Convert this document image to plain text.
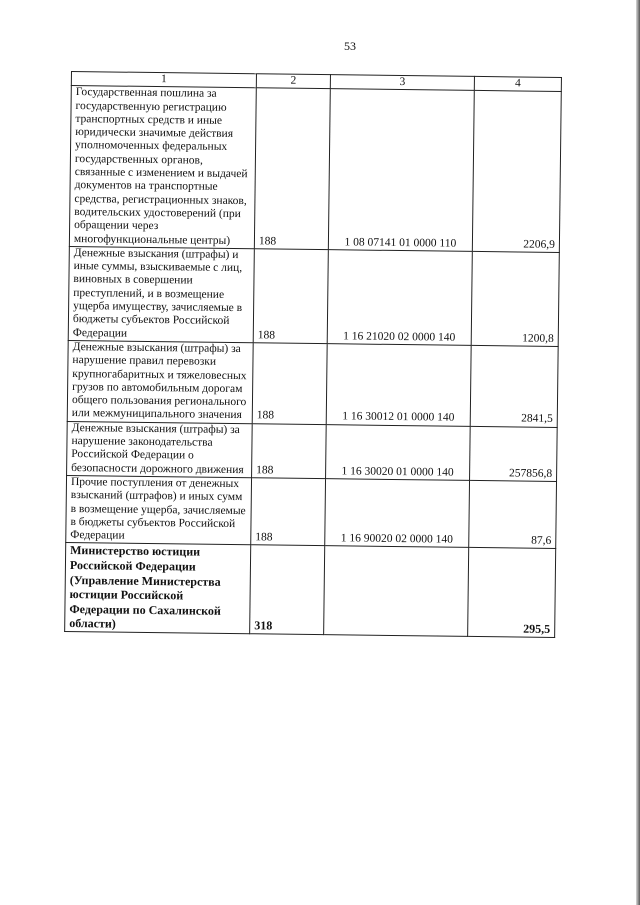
53
1	2	3	4
Государственная пошлина за государственную регистрацию транспортных средств и иные юридически значимые действия уполномоченных федеральных государственных органов, связанные с изменением и выдачей документов на транспортные средства, регистрационных знаков, водительских удостоверений (при обращении через многофункциональные центры)	188	1 08 07141 01 0000 110	2206,9
Денежные взыскания (штрафы) и иные суммы, взыскиваемые с лиц, виновных в совершении преступлений, и в возмещение ущерба имуществу, зачисляемые в бюджеты субъектов Российской Федерации	188	1 16 21020 02 0000 140	1200,8
Денежные взыскания (штрафы) за нарушение правил перевозки крупногабаритных и тяжеловесных грузов по автомобильным дорогам общего пользования регионального или межмуниципального значения	188	1 16 30012 01 0000 140	2841,5
Денежные взыскания (штрафы) за нарушение законодательства Российской Федерации о безопасности дорожного движения	188	1 16 30020 01 0000 140	257856,8
Прочие поступления от денежных взысканий (штрафов) и иных сумм в возмещение ущерба, зачисляемые в бюджеты субъектов Российской Федерации	188	1 16 90020 02 0000 140	87,6
Министерство юстиции Российской Федерации (Управление Министерства юстиции Российской Федерации по Сахалинской области)	318		295,5
